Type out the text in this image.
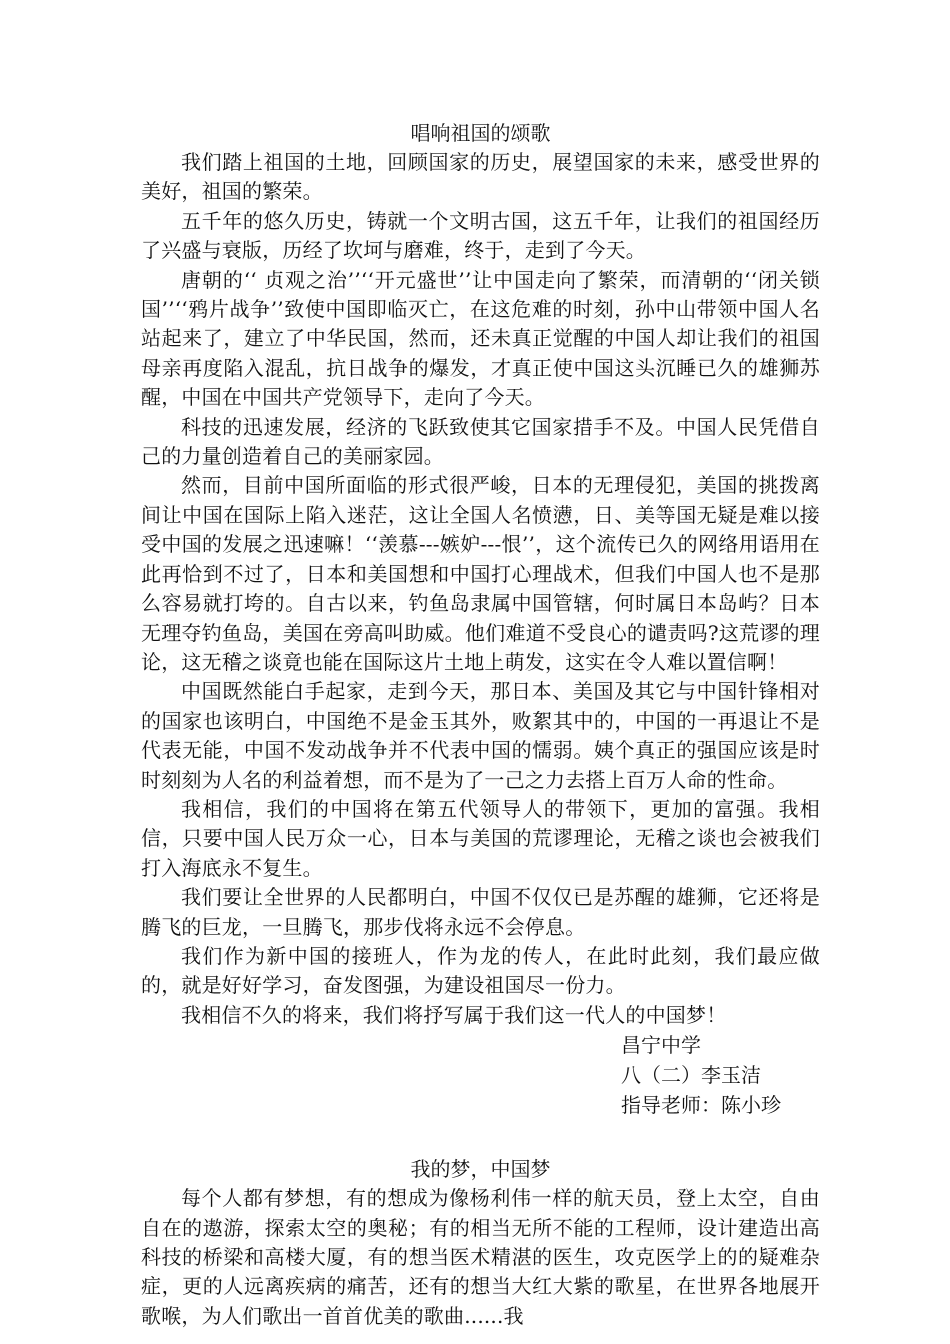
唱响祖国的颂歌

我们踏上祖国的土地，回顾国家的历史，展望国家的未来，感受世界的美好，祖国的繁荣。

五千年的悠久历史，铸就一个文明古国，这五千年，让我们的祖国经历了兴盛与衰版，历经了坎坷与磨难，终于，走到了今天。

唐朝的‘‘ 贞观之治’’‘‘开元盛世’’让中国走向了繁荣，而清朝的‘‘闭关锁国’’‘‘鸦片战争’’致使中国即临灭亡，在这危难的时刻，孙中山带领中国人名站起来了，建立了中华民国，然而，还未真正觉醒的中国人却让我们的祖国母亲再度陷入混乱，抗日战争的爆发，才真正使中国这头沉睡已久的雄狮苏醒，中国在中国共产党领导下，走向了今天。

科技的迅速发展，经济的飞跃致使其它国家措手不及。中国人民凭借自己的力量创造着自己的美丽家园。

然而，目前中国所面临的形式很严峻，日本的无理侵犯，美国的挑拨离间让中国在国际上陷入迷茫，这让全国人名愤懑，日、美等国无疑是难以接受中国的发展之迅速嘛！‘‘羡慕---嫉妒---恨’’，这个流传已久的网络用语用在此再恰到不过了，日本和美国想和中国打心理战术，但我们中国人也不是那么容易就打垮的。自古以来，钓鱼岛隶属中国管辖，何时属日本岛屿？日本无理夺钓鱼岛，美国在旁高叫助威。他们难道不受良心的谴责吗?这荒谬的理论，这无稽之谈竟也能在国际这片土地上萌发，这实在令人难以置信啊！

中国既然能白手起家，走到今天，那日本、美国及其它与中国针锋相对的国家也该明白，中国绝不是金玉其外，败絮其中的，中国的一再退让不是代表无能，中国不发动战争并不代表中国的懦弱。姨个真正的强国应该是时时刻刻为人名的利益着想，而不是为了一己之力去搭上百万人命的性命。

我相信，我们的中国将在第五代领导人的带领下，更加的富强。我相信，只要中国人民万众一心，日本与美国的荒谬理论，无稽之谈也会被我们打入海底永不复生。

我们要让全世界的人民都明白，中国不仅仅已是苏醒的雄狮，它还将是腾飞的巨龙，一旦腾飞，那步伐将永远不会停息。

我们作为新中国的接班人，作为龙的传人，在此时此刻，我们最应做的，就是好好学习，奋发图强，为建设祖国尽一份力。

我相信不久的将来，我们将抒写属于我们这一代人的中国梦！

昌宁中学
八（二）李玉洁
指导老师：陈小珍
我的梦，中国梦

每个人都有梦想，有的想成为像杨利伟一样的航天员，登上太空，自由自在的遨游，探索太空的奥秘；有的相当无所不能的工程师，设计建造出高科技的桥梁和高楼大厦，有的想当医术精湛的医生，攻克医学上的的疑难杂症，更的人远离疾病的痛苦，还有的想当大红大紫的歌星，在世界各地展开歌喉，为人们歌出一首首优美的歌曲......我
